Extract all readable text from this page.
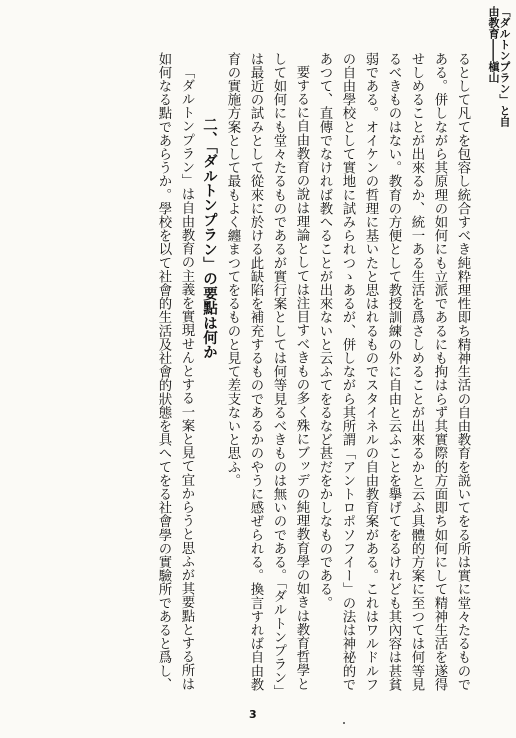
「ダルトンプラン」と自由教育――槇山

るとして凡てを包容し統合すべき純粋理性即ち精神生活の自由教育を説いてをる所は實に堂々たるものである。併しながら其原理の如何にも立派であるにも拘はらず其實際的方面即ち如何にして精神生活を遂得せしめることが出來るか、統一ある生活を爲さしめることが出來るかと云ふ具體的方案に至つては何等見るべきものはない。教育の方便として教授訓練の外に自由と云ふことを擧げてをるけれども其內容は甚貧弱である。オイケンの哲理に基いたと思はれるものでスタイネルの自由教育案がある。これはワルドルフの自由學校として實地に試みられつゝあるが、併しながら其所謂「アントロポソフイー」の法は神祕的であつて、直傳でなければ教へることが出來ないと云ふてをるなど甚だをかしなものである。

要するに自由教育の說は理論としては注目すべきもの多く殊にブッデの純理教育學の如きは教育哲學として如何にも堂々たるものであるが實行案としては何等見るべきものは無いのである。「ダルトンプラン」は最近の試みとして從來に於ける此缺陷を補充するものであるかのやうに感ぜられる。換言すれば自由教育の實施方案として最もよく纏まつてをるものと見て差支ないと思ふ。

二、「ダルトンプラン」の要點は何か

「ダルトンプラン」は自由教育の主義を實現せんとする一案と見て宜からうと思ふが其要點とする所は如何なる點であらうか。學校を以て社會的生活及社會的狀態を具へてをる社會學の實驗所であると爲し、

3
